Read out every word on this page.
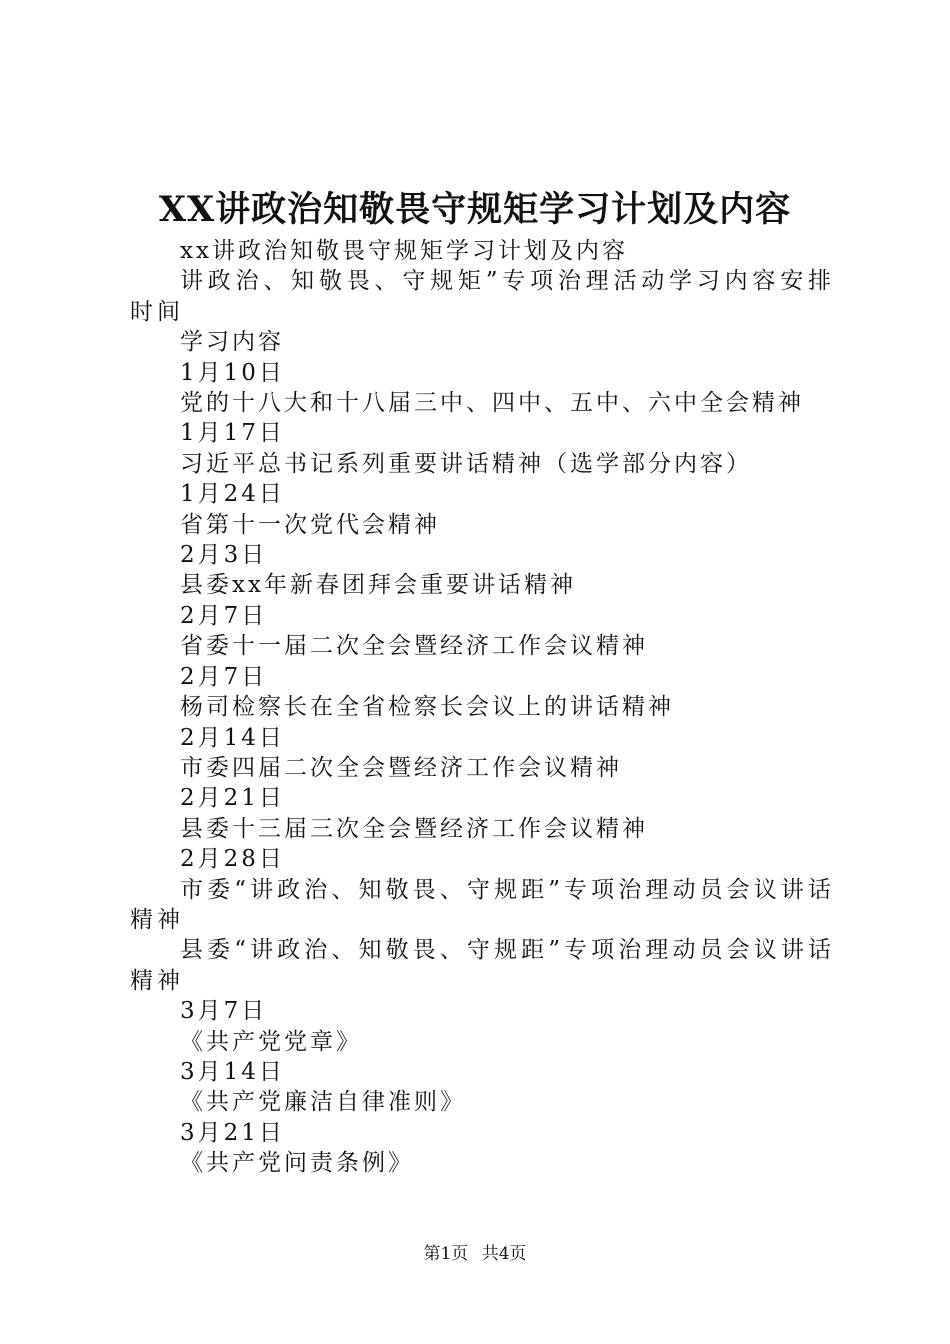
XX讲政治知敬畏守规矩学习计划及内容
xx讲政治知敬畏守规矩学习计划及内容
讲政治、知敬畏、守规矩”专项治理活动学习内容安排时间
学习内容
1月10日
党的十八大和十八届三中、四中、五中、六中全会精神
1月17日
习近平总书记系列重要讲话精神（选学部分内容）
1月24日
省第十一次党代会精神
2月3日
县委xx年新春团拜会重要讲话精神
2月7日
省委十一届二次全会暨经济工作会议精神
2月7日
杨司检察长在全省检察长会议上的讲话精神
2月14日
市委四届二次全会暨经济工作会议精神
2月21日
县委十三届三次全会暨经济工作会议精神
2月28日
市委“讲政治、知敬畏、守规距”专项治理动员会议讲话精神
县委“讲政治、知敬畏、守规距”专项治理动员会议讲话精神
3月7日
《共产党党章》
3月14日
《共产党廉洁自律准则》
3月21日
《共产党问责条例》
第1页 共4页
